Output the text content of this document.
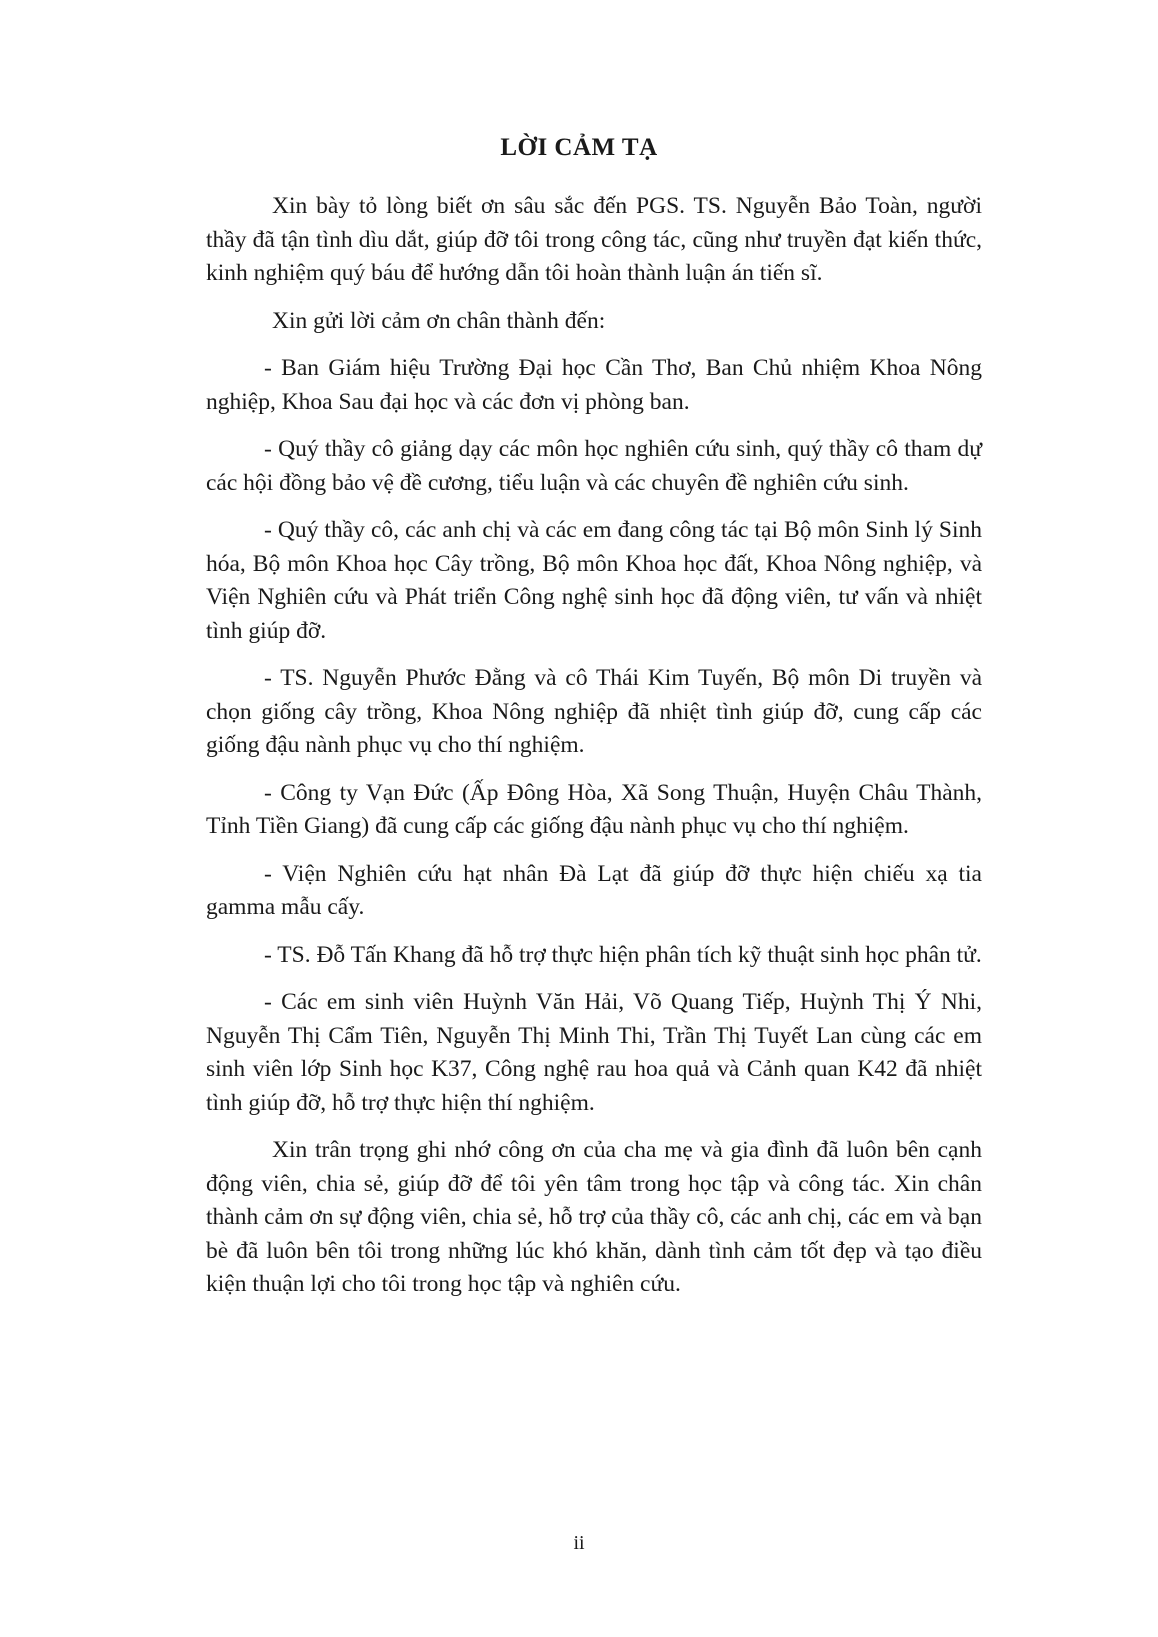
LỜI CẢM TẠ

Xin bày tỏ lòng biết ơn sâu sắc đến PGS. TS. Nguyễn Bảo Toàn, người thầy đã tận tình dìu dắt, giúp đỡ tôi trong công tác, cũng như truyền đạt kiến thức, kinh nghiệm quý báu để hướng dẫn tôi hoàn thành luận án tiến sĩ.

Xin gửi lời cảm ơn chân thành đến:

- Ban Giám hiệu Trường Đại học Cần Thơ, Ban Chủ nhiệm Khoa Nông nghiệp, Khoa Sau đại học và các đơn vị phòng ban.

- Quý thầy cô giảng dạy các môn học nghiên cứu sinh, quý thầy cô tham dự các hội đồng bảo vệ đề cương, tiểu luận và các chuyên đề nghiên cứu sinh.

- Quý thầy cô, các anh chị và các em đang công tác tại Bộ môn Sinh lý Sinh hóa, Bộ môn Khoa học Cây trồng, Bộ môn Khoa học đất, Khoa Nông nghiệp, và Viện Nghiên cứu và Phát triển Công nghệ sinh học đã động viên, tư vấn và nhiệt tình giúp đỡ.

- TS. Nguyễn Phước Đằng và cô Thái Kim Tuyến, Bộ môn Di truyền và chọn giống cây trồng, Khoa Nông nghiệp đã nhiệt tình giúp đỡ, cung cấp các giống đậu nành phục vụ cho thí nghiệm.

- Công ty Vạn Đức (Ấp Đông Hòa, Xã Song Thuận, Huyện Châu Thành, Tỉnh Tiền Giang) đã cung cấp các giống đậu nành phục vụ cho thí nghiệm.

- Viện Nghiên cứu hạt nhân Đà Lạt đã giúp đỡ thực hiện chiếu xạ tia gamma mẫu cấy.

- TS. Đỗ Tấn Khang đã hỗ trợ thực hiện phân tích kỹ thuật sinh học phân tử.

- Các em sinh viên Huỳnh Văn Hải, Võ Quang Tiếp, Huỳnh Thị Ý Nhi, Nguyễn Thị Cẩm Tiên, Nguyễn Thị Minh Thi, Trần Thị Tuyết Lan cùng các em sinh viên lớp Sinh học K37, Công nghệ rau hoa quả và Cảnh quan K42 đã nhiệt tình giúp đỡ, hỗ trợ thực hiện thí nghiệm.

Xin trân trọng ghi nhớ công ơn của cha mẹ và gia đình đã luôn bên cạnh động viên, chia sẻ, giúp đỡ để tôi yên tâm trong học tập và công tác. Xin chân thành cảm ơn sự động viên, chia sẻ, hỗ trợ của thầy cô, các anh chị, các em và bạn bè đã luôn bên tôi trong những lúc khó khăn, dành tình cảm tốt đẹp và tạo điều kiện thuận lợi cho tôi trong học tập và nghiên cứu.

ii
